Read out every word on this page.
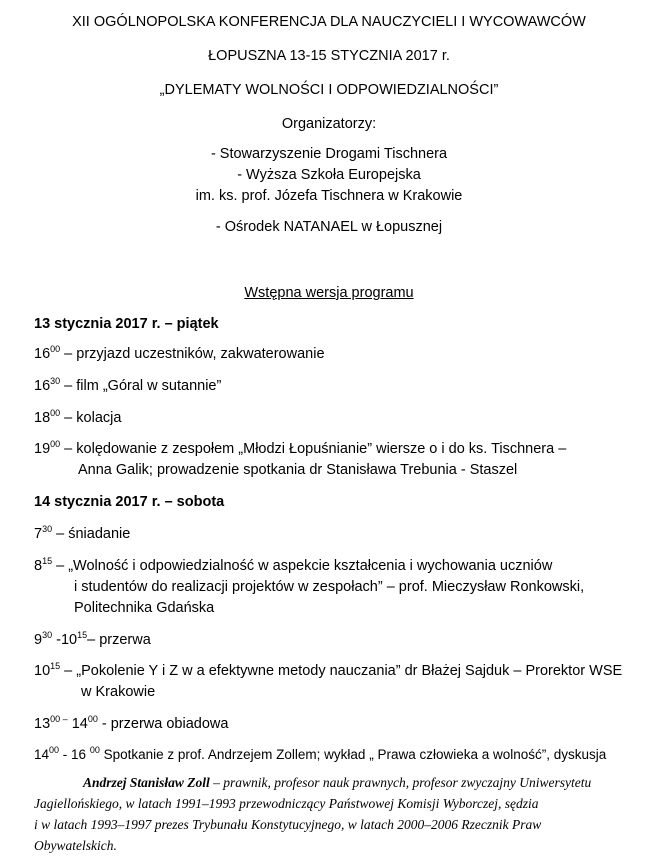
XII OGÓLNOPOLSKA KONFERENCJA DLA NAUCZYCIELI I WYCOWAWCÓW
ŁOPUSZNA 13-15 STYCZNIA 2017 r.
„DYLEMATY WOLNOŚCI I ODPOWIEDZIALNOŚCI”
Organizatorzy:
- Stowarzyszenie Drogami Tischnera
- Wyższa Szkoła Europejska
im. ks. prof. Józefa Tischnera w Krakowie
- Ośrodek NATANAEL w Łopusznej
Wstępna wersja programu
13 stycznia 2017 r. – piątek
$16^{00}$ – przyjazd uczestników, zakwaterowanie
$16^{30}$ – film „Góral w sutannie”
$18^{00}$ – kolacja
$19^{00}$ – kolędowanie z zespołem „Młodzi Łopuśnianie” wiersze o i do ks. Tischnera –
Anna Galik; prowadzenie spotkania dr Stanisława Trebunia - Staszel
14 stycznia 2017 r. – sobota
$7^{30}$ – śniadanie
$8^{15}$ – „Wolność i odpowiedzialność w aspekcie kształcenia i wychowania uczniów
i studentów do realizacji projektów w zespołach” – prof. Mieczysław Ronkowski,
Politechnika Gdańska
$9^{30}$ $-10^{15}-$ przerwa
$10^{15}$ – „Pokolenie Y i Z w a efektywne metody nauczania” dr Błażej Sajduk – Prorektor WSE
w Krakowie
$13^{00 -}$ $14^{00}$ - przerwa obiadowa
$14^{00} - 16$ $^{00}$ Spotkanie z prof. Andrzejem Zollem; wykład „ Prawa człowieka a wolność”, dyskusja
Andrzej Stanisław Zoll – prawnik, profesor nauk prawnych, profesor zwyczajny Uniwersytetu
Jagiellońskiego, w latach 1991–1993 przewodniczący Państwowej Komisji Wyborczej, sędzia
i w latach 1993–1997 prezes Trybunału Konstytucyjnego, w latach 2000–2006 Rzecznik Praw
Obywatelskich.
